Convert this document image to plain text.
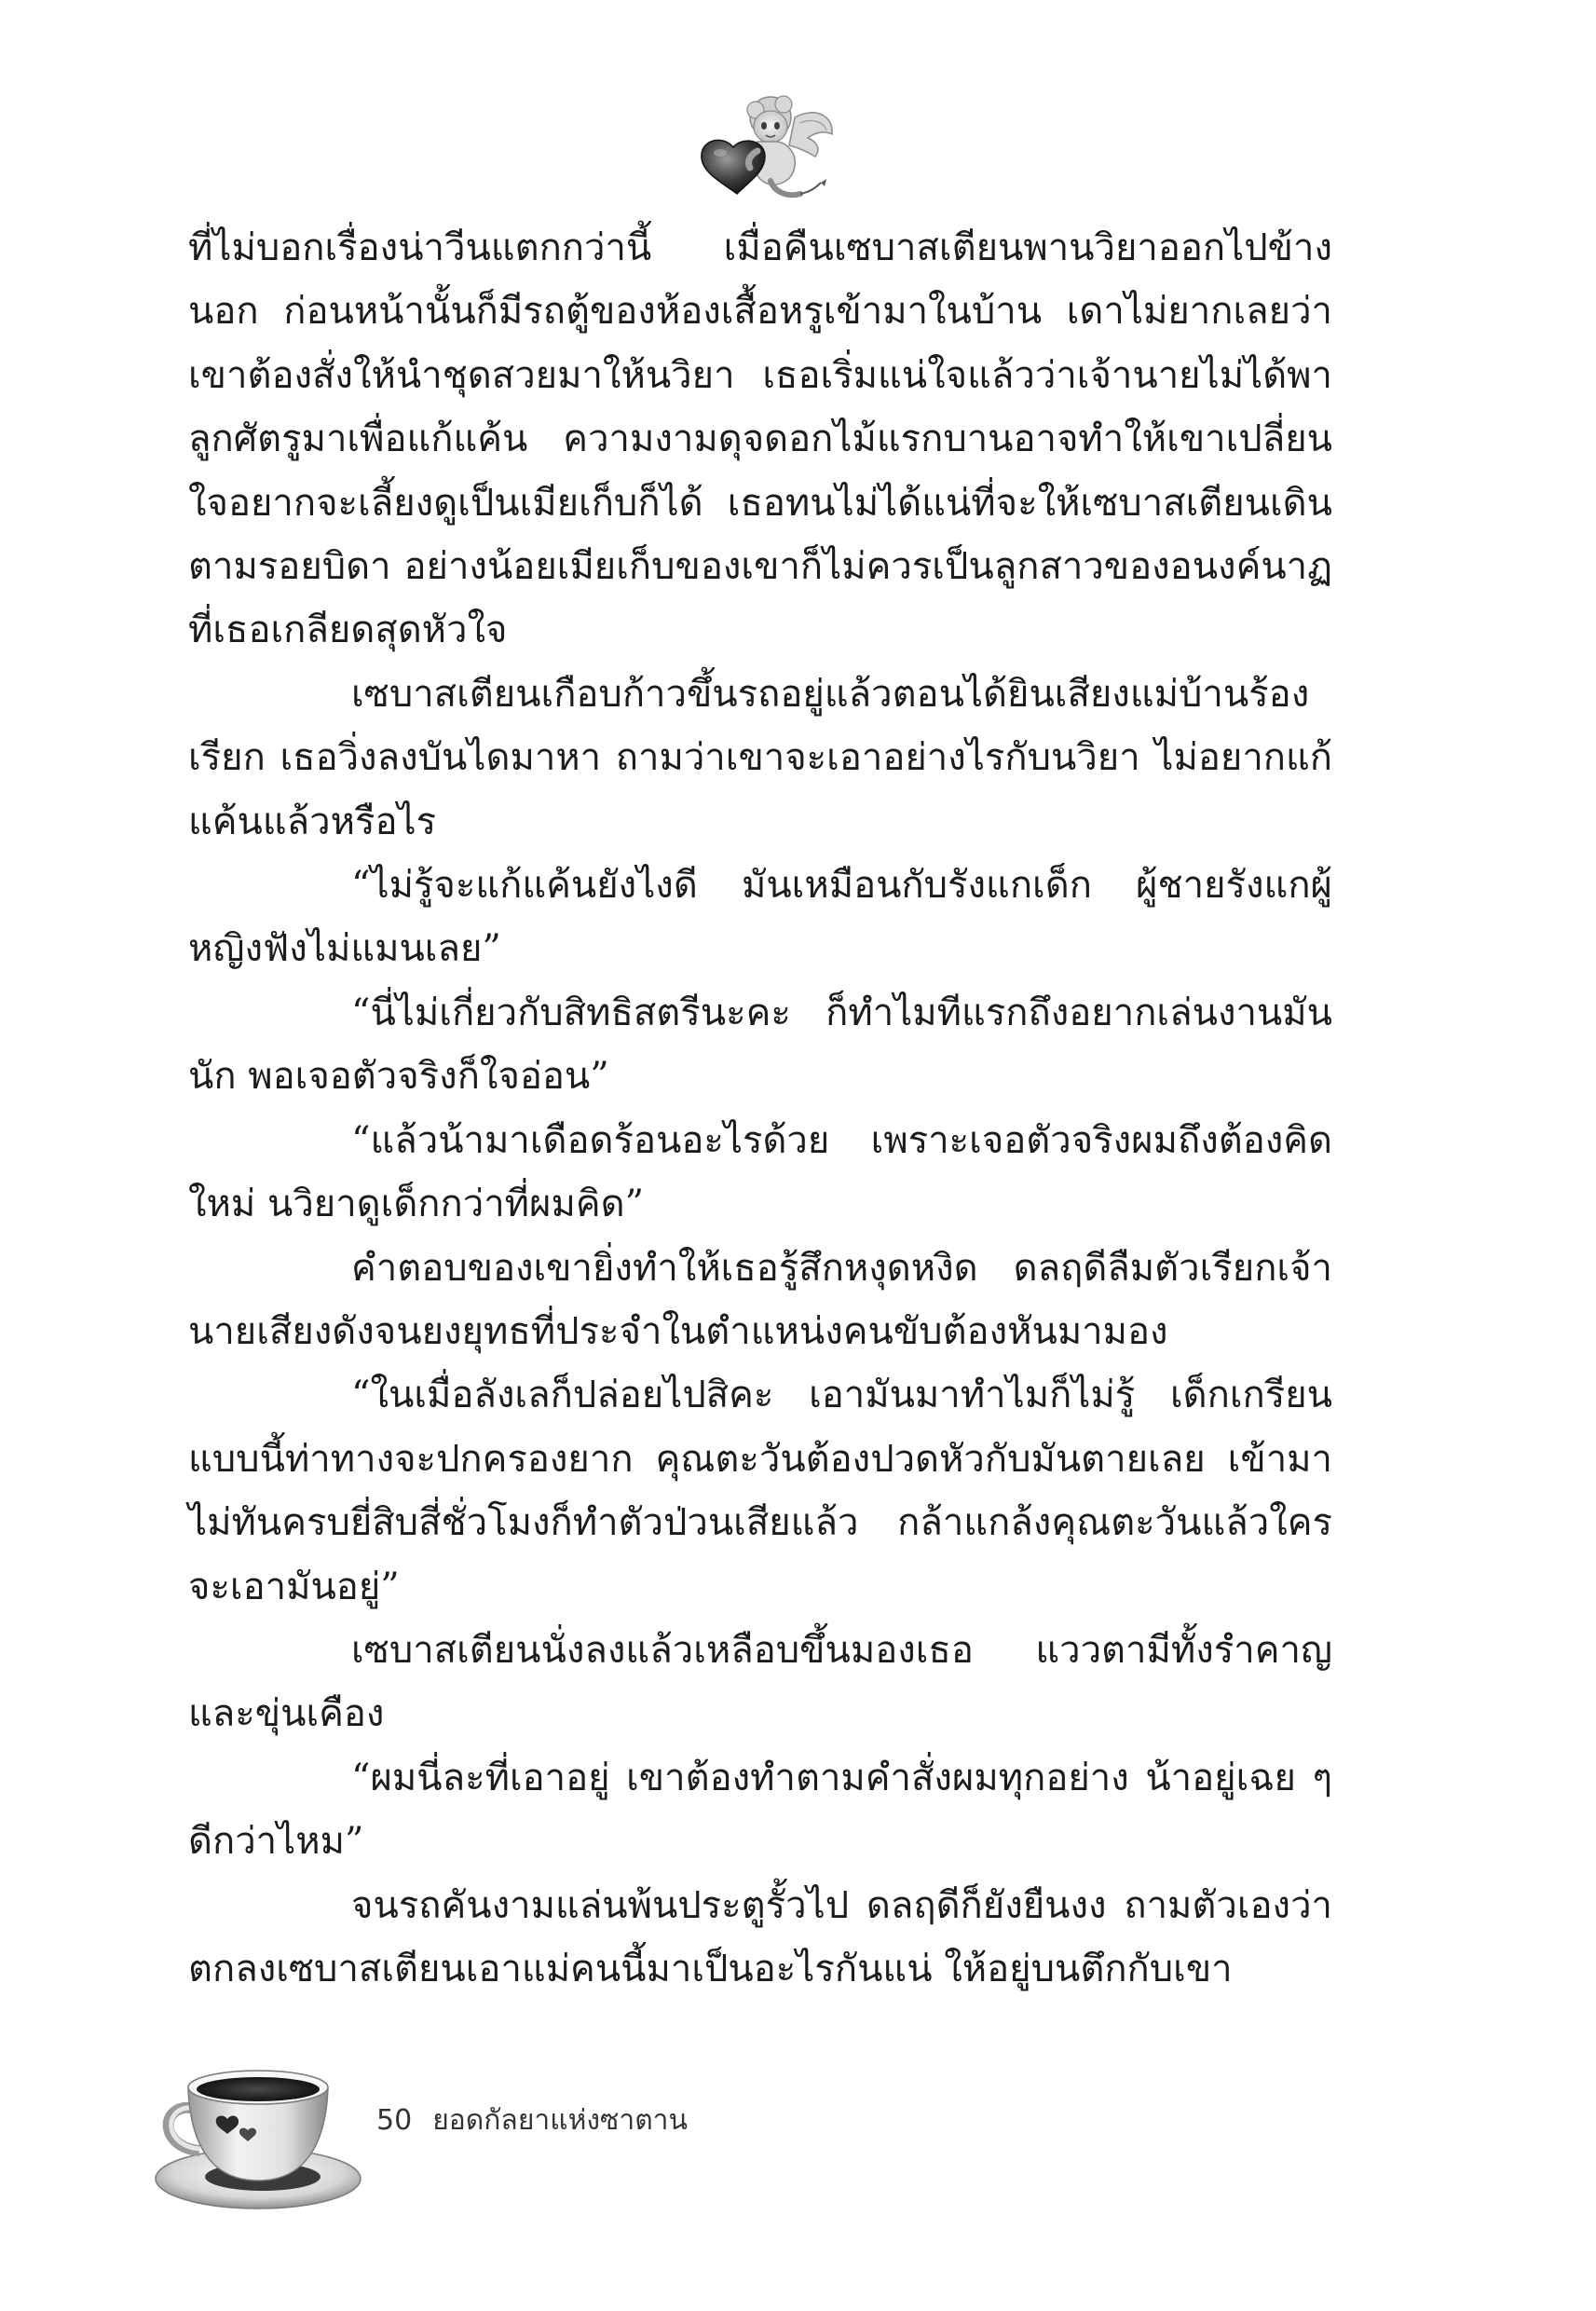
ที่ไม่บอกเรื่องน่าวีนแตกกว่านี้ เมื่อคืนเซบาสเตียนพานวิยาออกไปข้างนอก ก่อนหน้านั้นก็มีรถตู้ของห้องเสื้อหรูเข้ามาในบ้าน เดาไม่ยากเลยว่าเขาต้องสั่งให้นำชุดสวยมาให้นวิยา เธอเริ่มแน่ใจแล้วว่าเจ้านายไม่ได้พาลูกศัตรูมาเพื่อแก้แค้น ความงามดุจดอกไม้แรกบานอาจทำให้เขาเปลี่ยนใจอยากจะเลี้ยงดูเป็นเมียเก็บก็ได้ เธอทนไม่ได้แน่ที่จะให้เซบาสเตียนเดินตามรอยบิดา อย่างน้อยเมียเก็บของเขาก็ไม่ควรเป็นลูกสาวของอนงค์นาฏที่เธอเกลียดสุดหัวใจ

เซบาสเตียนเกือบก้าวขึ้นรถอยู่แล้วตอนได้ยินเสียงแม่บ้านร้องเรียก เธอวิ่งลงบันไดมาหา ถามว่าเขาจะเอาอย่างไรกับนวิยา ไม่อยากแก้แค้นแล้วหรือไร

“ไม่รู้จะแก้แค้นยังไงดี มันเหมือนกับรังแกเด็ก ผู้ชายรังแกผู้หญิงฟังไม่แมนเลย”

“นี่ไม่เกี่ยวกับสิทธิสตรีนะคะ ก็ทำไมทีแรกถึงอยากเล่นงานมันนัก พอเจอตัวจริงก็ใจอ่อน”

“แล้วน้ามาเดือดร้อนอะไรด้วย เพราะเจอตัวจริงผมถึงต้องคิดใหม่ นวิยาดูเด็กกว่าที่ผมคิด”

คำตอบของเขายิ่งทำให้เธอรู้สึกหงุดหงิด ดลฤดีลืมตัวเรียกเจ้านายเสียงดังจนยงยุทธที่ประจำในตำแหน่งคนขับต้องหันมามอง

“ในเมื่อลังเลก็ปล่อยไปสิคะ เอามันมาทำไมก็ไม่รู้ เด็กเกรียนแบบนี้ท่าทางจะปกครองยาก คุณตะวันต้องปวดหัวกับมันตายเลย เข้ามาไม่ทันครบยี่สิบสี่ชั่วโมงก็ทำตัวป่วนเสียแล้ว กล้าแกล้งคุณตะวันแล้วใครจะเอามันอยู่”

เซบาสเตียนนั่งลงแล้วเหลือบขึ้นมองเธอ แววตามีทั้งรำคาญและขุ่นเคือง

“ผมนี่ละที่เอาอยู่ เขาต้องทำตามคำสั่งผมทุกอย่าง น้าอยู่เฉย ๆ ดีกว่าไหม”

จนรถคันงามแล่นพ้นประตูรั้วไป ดลฤดีก็ยังยืนงง ถามตัวเองว่าตกลงเซบาสเตียนเอาแม่คนนี้มาเป็นอะไรกันแน่ ให้อยู่บนตึกกับเขา

50 ยอดกัลยาแห่งซาตาน
